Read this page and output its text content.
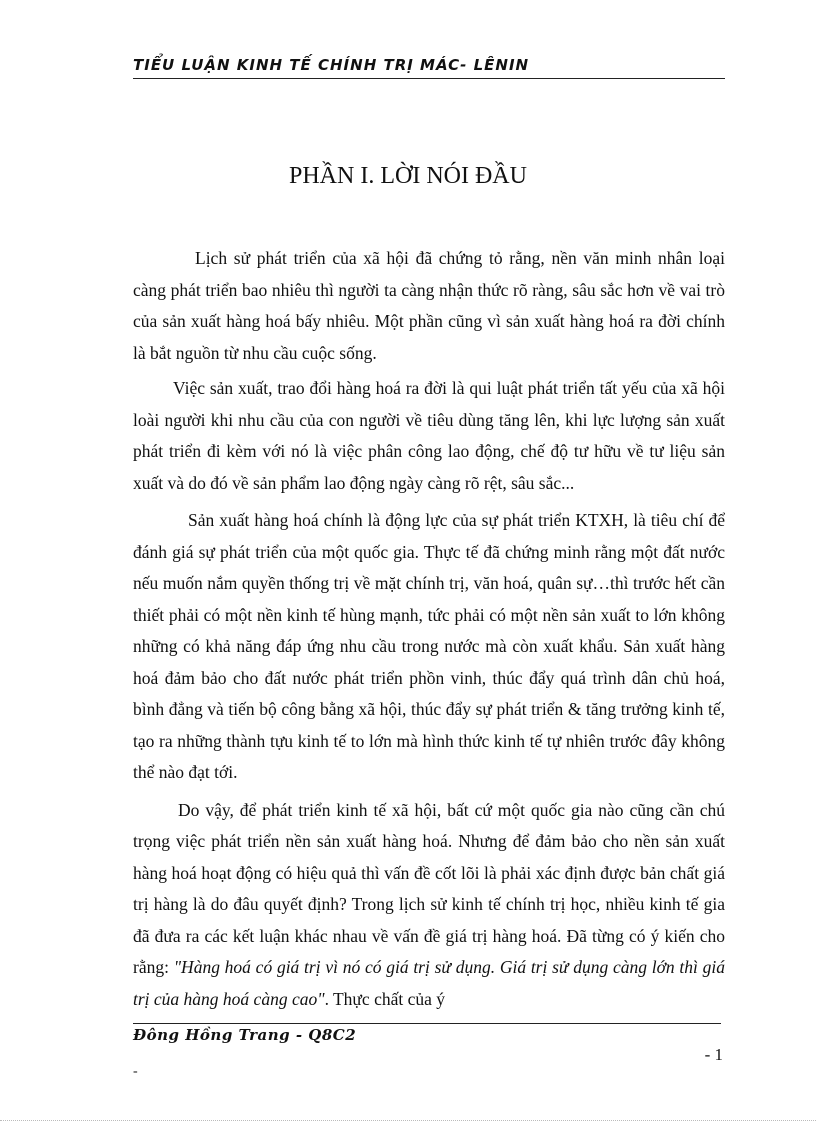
TIỂU LUẬN KINH TẾ CHÍNH TRỊ MÁC- LÊNIN
PHẦN I. LỜI NÓI ĐẦU

Lịch sử phát triển của xã hội đã chứng tỏ rằng, nền văn minh nhân loại càng phát triển bao nhiêu thì người ta càng nhận thức rõ ràng, sâu sắc hơn về vai trò của sản xuất hàng hoá bấy nhiêu. Một phần cũng vì sản xuất hàng hoá ra đời chính là bắt nguồn từ nhu cầu cuộc sống.

Việc sản xuất, trao đổi hàng hoá ra đời là qui luật phát triển tất yếu của xã hội loài người khi nhu cầu của con người về tiêu dùng tăng lên, khi lực lượng sản xuất phát triển đi kèm với nó là việc phân công lao động, chế độ tư hữu về tư liệu sản xuất và do đó về sản phẩm lao động ngày càng rõ rệt, sâu sắc...

Sản xuất hàng hoá chính là động lực của sự phát triển KTXH, là tiêu chí để đánh giá sự phát triển của một quốc gia. Thực tế đã chứng minh rằng một đất nước nếu muốn nắm quyền thống trị về mặt chính trị, văn hoá, quân sự…thì trước hết cần thiết phải có một nền kinh tế hùng mạnh, tức phải có một nền sản xuất to lớn không những có khả năng đáp ứng nhu cầu trong nước mà còn xuất khẩu. Sản xuất hàng hoá đảm bảo cho đất nước phát triển phồn vinh, thúc đẩy quá trình dân chủ hoá, bình đẳng và tiến bộ công bằng xã hội, thúc đẩy sự phát triển & tăng trưởng kinh tế, tạo ra những thành tựu kinh tế to lớn mà hình thức kinh tế tự nhiên trước đây không thể nào đạt tới.

Do vậy, để phát triển kinh tế xã hội, bất cứ một quốc gia nào cũng cần chú trọng việc phát triển nền sản xuất hàng hoá. Nhưng để đảm bảo cho nền sản xuất hàng hoá hoạt động có hiệu quả thì vấn đề cốt lõi là phải xác định được bản chất giá trị hàng là do đâu quyết định? Trong lịch sử kinh tế chính trị học, nhiều kinh tế gia đã đưa ra các kết luận khác nhau về vấn đề giá trị hàng hoá. Đã từng có ý kiến cho rằng: "Hàng hoá có giá trị vì nó có giá trị sử dụng. Giá trị sử dụng càng lớn thì giá trị của hàng hoá càng cao". Thực chất của ý

Đông Hồng Trang - Q8C2
- 1
-
